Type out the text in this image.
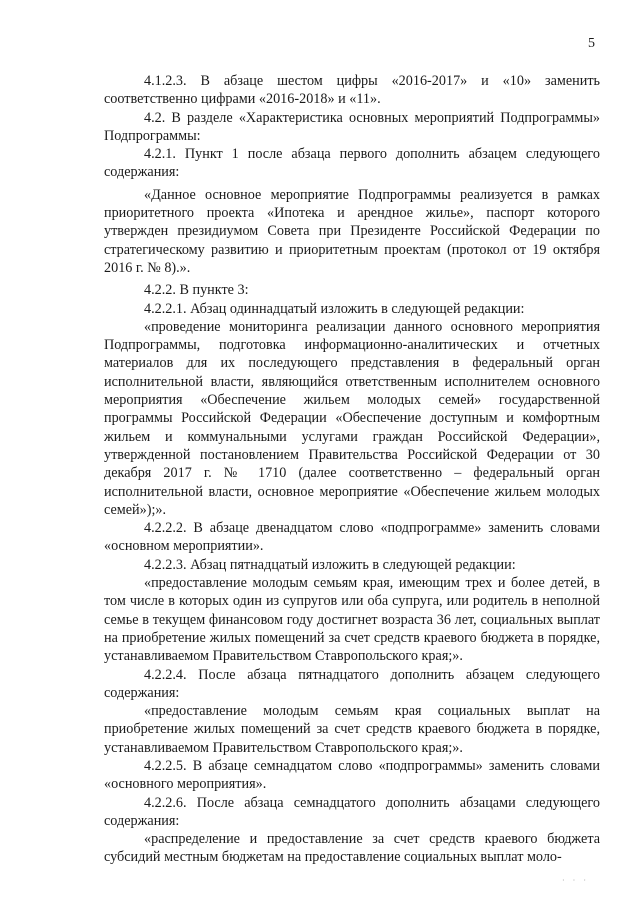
5

4.1.2.3. В абзаце шестом цифры «2016-2017» и «10» заменить соответственно цифрами «2016-2018» и «11».

4.2. В разделе «Характеристика основных мероприятий Подпрограммы» Подпрограммы:

4.2.1. Пункт 1 после абзаца первого дополнить абзацем следующего содержания:

«Данное основное мероприятие Подпрограммы реализуется в рамках приоритетного проекта «Ипотека и арендное жилье», паспорт которого утвержден президиумом Совета при Президенте Российской Федерации по стратегическому развитию и приоритетным проектам (протокол от 19 октября 2016 г. № 8).».

4.2.2. В пункте 3:

4.2.2.1. Абзац одиннадцатый изложить в следующей редакции:

«проведение мониторинга реализации данного основного мероприятия Подпрограммы, подготовка информационно-аналитических и отчетных материалов для их последующего представления в федеральный орган исполнительной власти, являющийся ответственным исполнителем основного мероприятия «Обеспечение жильем молодых семей» государственной программы Российской Федерации «Обеспечение доступным и комфортным жильем и коммунальными услугами граждан Российской Федерации», утвержденной постановлением Правительства Российской Федерации от 30 декабря 2017 г. № 1710 (далее соответственно – федеральный орган исполнительной власти, основное мероприятие «Обеспечение жильем молодых семей»);».

4.2.2.2. В абзаце двенадцатом слово «подпрограмме» заменить словами «основном мероприятии».

4.2.2.3. Абзац пятнадцатый изложить в следующей редакции:

«предоставление молодым семьям края, имеющим трех и более детей, в том числе в которых один из супругов или оба супруга, или родитель в неполной семье в текущем финансовом году достигнет возраста 36 лет, социальных выплат на приобретение жилых помещений за счет средств краевого бюджета в порядке, устанавливаемом Правительством Ставропольского края;».

4.2.2.4. После абзаца пятнадцатого дополнить абзацем следующего содержания:

«предоставление молодым семьям края социальных выплат на приобретение жилых помещений за счет средств краевого бюджета в порядке, устанавливаемом Правительством Ставропольского края;».

4.2.2.5. В абзаце семнадцатом слово «подпрограммы» заменить словами «основного мероприятия».

4.2.2.6. После абзаца семнадцатого дополнить абзацами следующего содержания:

«распределение и предоставление за счет средств краевого бюджета субсидий местным бюджетам на предоставление социальных выплат моло-

· · ·
